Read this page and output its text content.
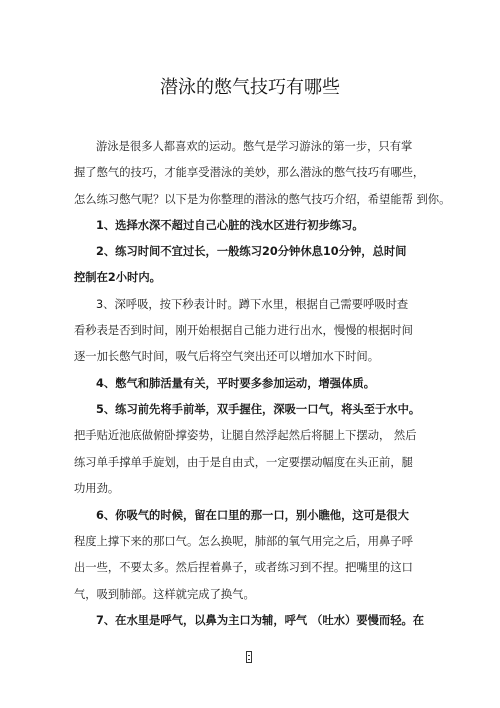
潜泳的憋气技巧有哪些
游泳是很多人都喜欢的运动。憋气是学习游泳的第一步，只有掌
握了憋气的技巧，才能享受潜泳的美妙，那么潜泳的憋气技巧有哪些，
怎么练习憋气呢？以下是为你整理的潜泳的憋气技巧介绍，希望能帮 到你。
1、选择水深不超过自己心脏的浅水区进行初步练习。
2、练习时间不宜过长，一般练习20分钟休息10分钟，总时间
控制在2小时内。
3、深呼吸，按下秒表计时。蹲下水里，根据自己需要呼吸时查
看秒表是否到时间，刚开始根据自己能力进行出水，慢慢的根据时间
逐一加长憋气时间，吸气后将空气突出还可以增加水下时间。
4、憋气和肺活量有关，平时要多参加运动，增强体质。
5、练习前先将手前举，双手握住，深吸一口气，将头至于水中。
把手贴近池底做俯卧撑姿势，让腿自然浮起然后将腿上下摆动， 然后
练习单手撑单手旋划，由于是自由式，一定要摆动幅度在头正前，腿
功用劲。
6、你吸气的时候，留在口里的那一口，别小瞧他，这可是很大
程度上撑下来的那口气。怎么换呢，肺部的氧气用完之后，用鼻子呼
出一些，不要太多。然后捏着鼻子，或者练习到不捏。把嘴里的这口
气，吸到肺部。这样就完成了换气。
7、在水里是呼气，以鼻为主口为辅，呼气 （吐水）要慢而轻。在
